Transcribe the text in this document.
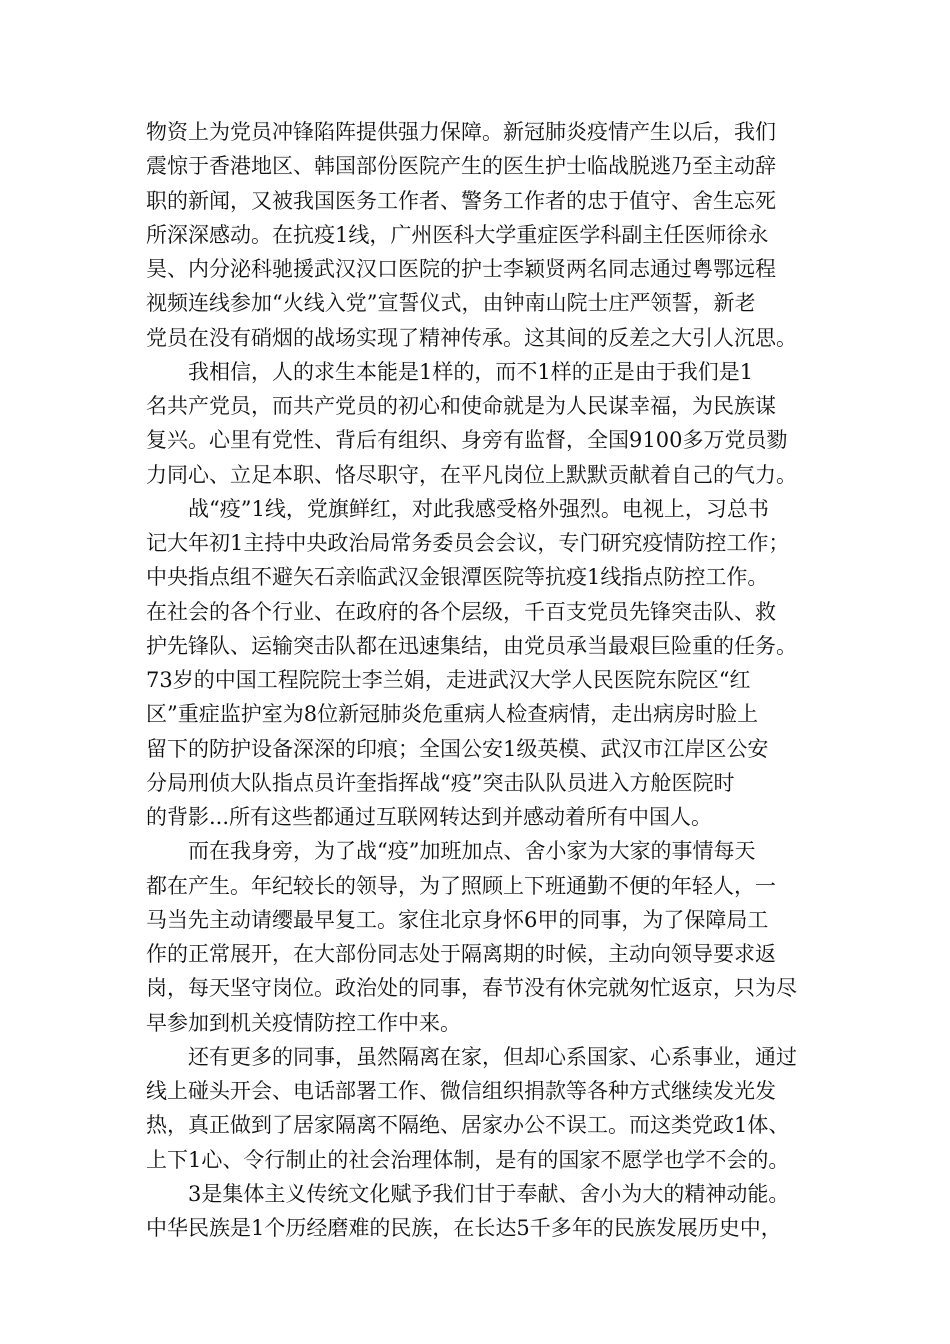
物资上为党员冲锋陷阵提供强力保障。新冠肺炎疫情产生以后，我们
震惊于香港地区、韩国部份医院产生的医生护士临战脱逃乃至主动辞
职的新闻，又被我国医务工作者、警务工作者的忠于值守、舍生忘死
所深深感动。在抗疫1线，广州医科大学重症医学科副主任医师徐永
昊、内分泌科驰援武汉汉口医院的护士李颖贤两名同志通过粤鄂远程
视频连线参加“火线入党”宣誓仪式，由钟南山院士庄严领誓，新老
党员在没有硝烟的战场实现了精神传承。这其间的反差之大引人沉思。
我相信，人的求生本能是1样的，而不1样的正是由于我们是1
名共产党员，而共产党员的初心和使命就是为人民谋幸福，为民族谋
复兴。心里有党性、背后有组织、身旁有监督，全国9100多万党员勠
力同心、立足本职、恪尽职守，在平凡岗位上默默贡献着自己的气力。
战“疫”1线，党旗鲜红，对此我感受格外强烈。电视上，习总书
记大年初1主持中央政治局常务委员会会议，专门研究疫情防控工作；
中央指点组不避矢石亲临武汉金银潭医院等抗疫1线指点防控工作。
在社会的各个行业、在政府的各个层级，千百支党员先锋突击队、救
护先锋队、运输突击队都在迅速集结，由党员承当最艰巨险重的任务。
73岁的中国工程院院士李兰娟，走进武汉大学人民医院东院区“红
区”重症监护室为8位新冠肺炎危重病人检查病情，走出病房时脸上
留下的防护设备深深的印痕；全国公安1级英模、武汉市江岸区公安
分局刑侦大队指点员许奎指挥战“疫”突击队队员进入方舱医院时
的背影...所有这些都通过互联网转达到并感动着所有中国人。
而在我身旁，为了战“疫”加班加点、舍小家为大家的事情每天
都在产生。年纪较长的领导，为了照顾上下班通勤不便的年轻人，一
马当先主动请缨最早复工。家住北京身怀6甲的同事，为了保障局工
作的正常展开，在大部份同志处于隔离期的时候，主动向领导要求返
岗，每天坚守岗位。政治处的同事，春节没有休完就匆忙返京，只为尽
早参加到机关疫情防控工作中来。
还有更多的同事，虽然隔离在家，但却心系国家、心系事业，通过
线上碰头开会、电话部署工作、微信组织捐款等各种方式继续发光发
热，真正做到了居家隔离不隔绝、居家办公不误工。而这类党政1体、
上下1心、令行制止的社会治理体制，是有的国家不愿学也学不会的。
3是集体主义传统文化赋予我们甘于奉献、舍小为大的精神动能。
中华民族是1个历经磨难的民族，在长达5千多年的民族发展历史中，
